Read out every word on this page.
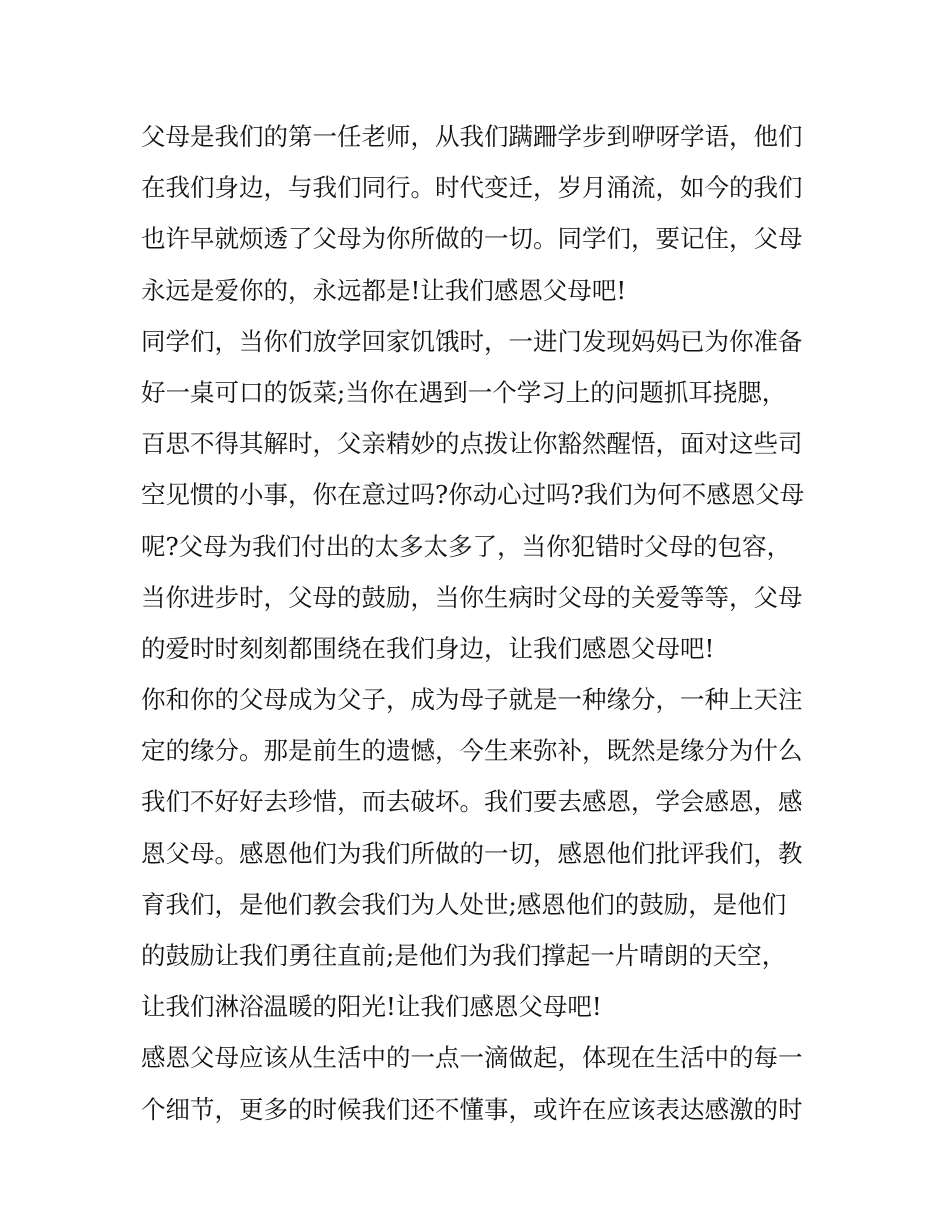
父母是我们的第一任老师，从我们蹒跚学步到咿呀学语，他们
在我们身边，与我们同行。时代变迁，岁月涌流，如今的我们
也许早就烦透了父母为你所做的一切。同学们，要记住，父母
永远是爱你的，永远都是!让我们感恩父母吧!
同学们，当你们放学回家饥饿时，一进门发现妈妈已为你准备
好一桌可口的饭菜;当你在遇到一个学习上的问题抓耳挠腮，
百思不得其解时，父亲精妙的点拨让你豁然醒悟，面对这些司
空见惯的小事，你在意过吗?你动心过吗?我们为何不感恩父母
呢?父母为我们付出的太多太多了，当你犯错时父母的包容，
当你进步时，父母的鼓励，当你生病时父母的关爱等等，父母
的爱时时刻刻都围绕在我们身边，让我们感恩父母吧!
你和你的父母成为父子，成为母子就是一种缘分，一种上天注
定的缘分。那是前生的遗憾，今生来弥补，既然是缘分为什么
我们不好好去珍惜，而去破坏。我们要去感恩，学会感恩，感
恩父母。感恩他们为我们所做的一切，感恩他们批评我们，教
育我们，是他们教会我们为人处世;感恩他们的鼓励，是他们
的鼓励让我们勇往直前;是他们为我们撑起一片晴朗的天空，
让我们淋浴温暖的阳光!让我们感恩父母吧!
感恩父母应该从生活中的一点一滴做起，体现在生活中的每一
个细节，更多的时候我们还不懂事，或许在应该表达感激的时
